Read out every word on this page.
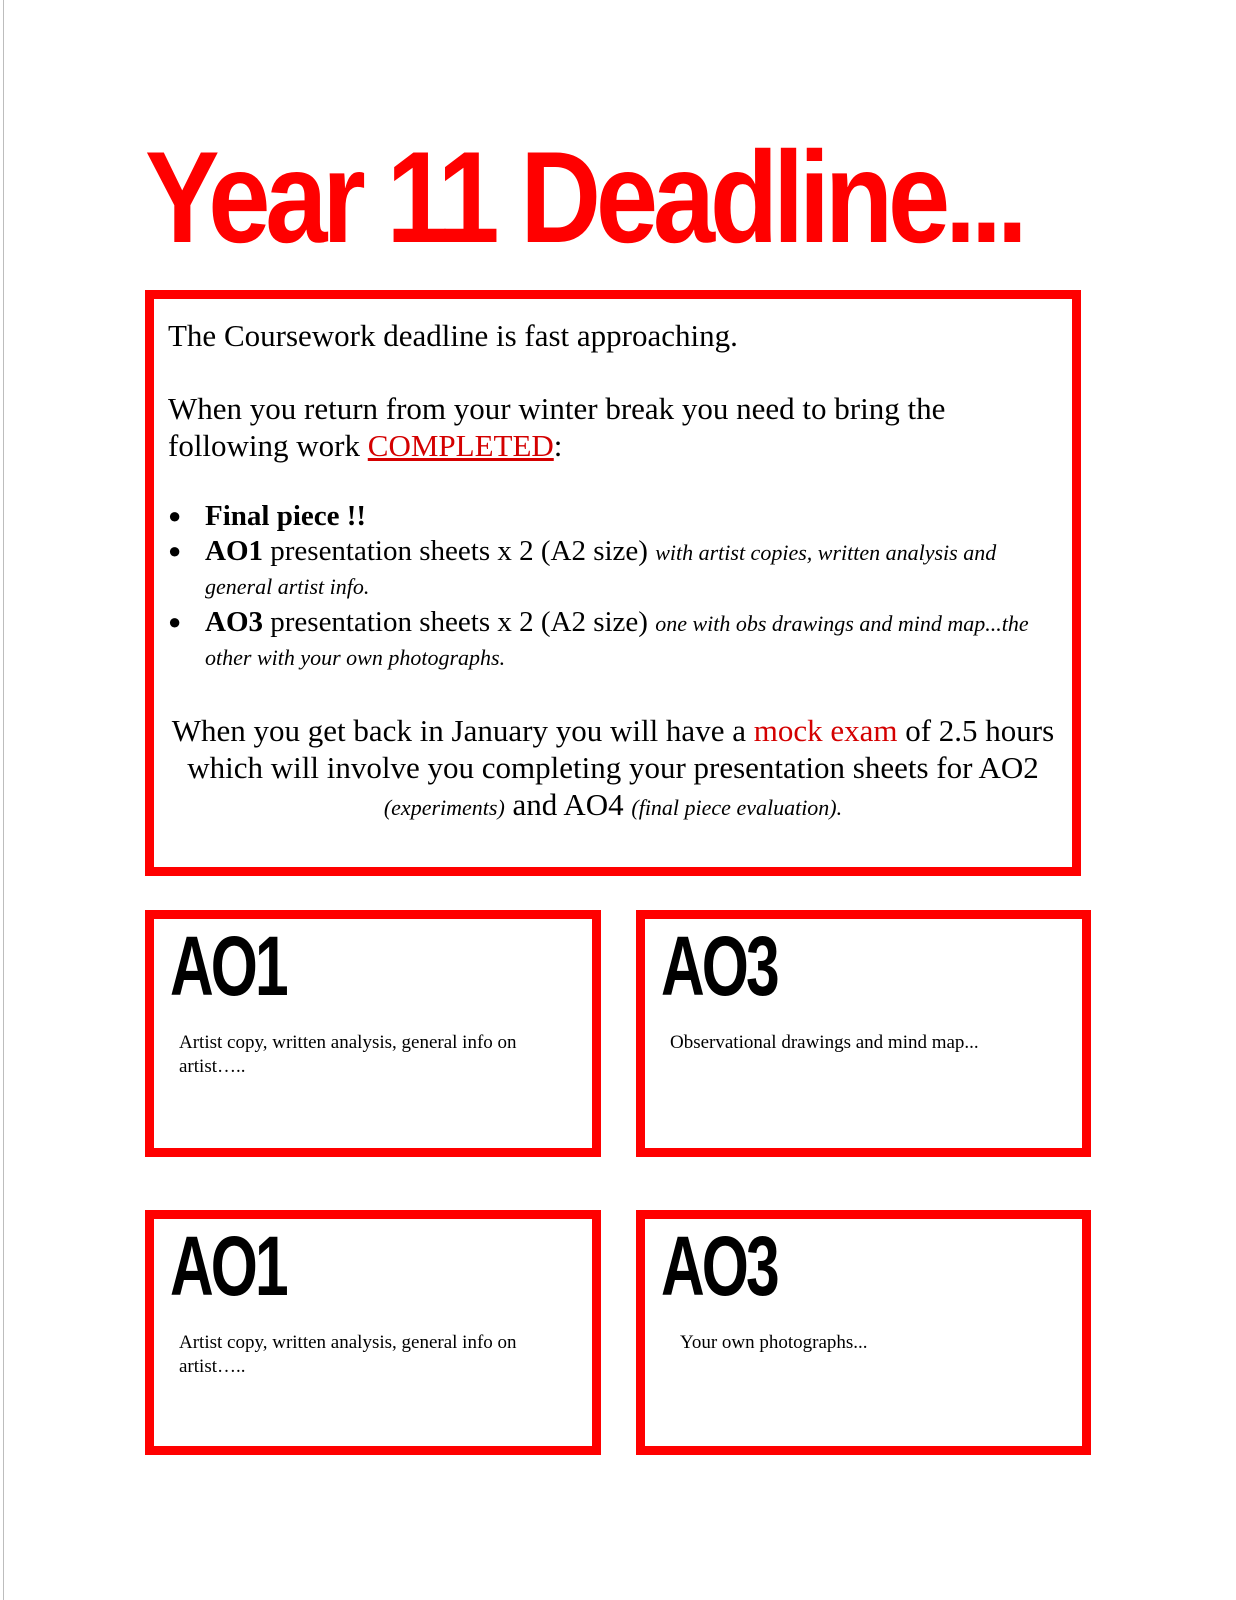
Year 11 Deadline...

The Coursework deadline is fast approaching.

When you return from your winter break you need to bring the following work COMPLETED:

● Final piece !!
● AO1 presentation sheets x 2 (A2 size) with artist copies, written analysis and general artist info.
● AO3 presentation sheets x 2 (A2 size) one with obs drawings and mind map...the other with your own photographs.

When you get back in January you will have a mock exam of 2.5 hours which will involve you completing your presentation sheets for AO2 (experiments) and AO4 (final piece evaluation).

AO1

Artist copy, written analysis, general info on artist…..

AO3

Observational drawings and mind map...

AO1

Artist copy, written analysis, general info on artist…..

AO3

Your own photographs...
